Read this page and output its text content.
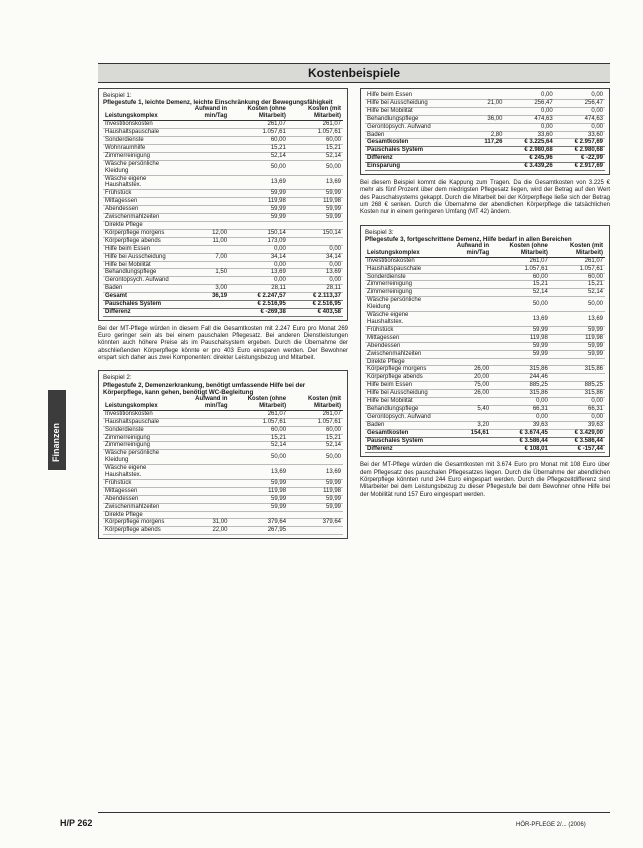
Kostenbeispiele
Beispiel 1:
Pflegestufe 1, leichte Demenz, leichte Einschränkung der Bewegungsfähigkeit
Leistungskomplex	Aufwand in min/Tag	Kosten (ohne Mitarbeit)	Kosten (mit Mitarbeit)
Investitionskosten		261,07	261,07
Haushaltspauschale		1.057,61	1.057,61
Sonderdienste		60,00	60,00
Wohnraumhilfe		15,21	15,21
Zimmerreinigung		52,14	52,14
Wäsche persönliche Kleidung		50,00	50,00
Wäsche eigene Haushaltstex.		13,69	13,69
Frühstück		59,99	59,99
Mittagessen		119,98	119,98
Abendessen		59,99	59,99
Zwischenmahlzeiten		59,99	59,99
Direkte Pflege			
Körperpflege morgens	12,00	150,14	150,14
Körperpflege abends	11,00	173,09	
Hilfe beim Essen		0,00	0,00
Hilfe bei Ausscheidung	7,00	34,14	34,14
Hilfe bei Mobilität		0,00	0,00
Behandlungspflege	1,50	13,69	13,69
Gerontopsych. Aufwand		0,00	0,00
Baden	3,00	28,11	28,11
Gesamt	36,19	€ 2.247,57	€ 2.113,37
Pauschales System		€ 2.516,95	€ 2.516,95
Differenz		€ -269,38	€ 403,58
Bei der MT-Pflege würden in diesem Fall die Gesamtkosten mit 2.247 Euro pro Monat 269 Euro geringer sein als bei einem pauschalen Pflegesatz. Bei anderen Dienstleistungen könnten auch höhere Preise als im Pauschalsystem ergeben. Durch die Übernahme der abschließenden Körperpflege könnte er pro 403 Euro einsparen werden. Der Bewohner erspart sich daher aus zwei Komponenten: direkter Leistungsbezug und Mitarbeit.
Beispiel 2:
Pflegestufe 2, Demenzerkrankung, benötigt umfassende Hilfe bei der Körperpflege, kann gehen, benötigt WC-Begleitung
Leistungskomplex	Aufwand in min/Tag	Kosten (ohne Mitarbeit)	Kosten (mit Mitarbeit)
Investitionskosten		261,07	261,07
Haushaltspauschale		1.057,61	1.057,61
Sonderdienste		60,00	60,00
Zimmerreinigung		15,21	15,21
Zimmerreinigung		52,14	52,14
Wäsche persönliche Kleidung		50,00	50,00
Wäsche eigene Haushaltstex.		13,69	13,69
Frühstück		59,99	59,99
Mittagessen		119,98	119,98
Abendessen		59,99	59,99
Zwischenmahlzeiten		59,99	59,99
Direkte Pflege			
Körperpflege morgens	31,00	379,64	379,64
Körperpflege abends	22,00	267,95	
Hilfe beim Essen		0,00	0,00
Hilfe bei Ausscheidung	21,00	256,47	256,47
Hilfe bei Mobilität		0,00	0,00
Behandlungspflege	36,00	474,63	474,63
Gerontopsych. Aufwand		0,00	0,00
Baden	2,80	33,60	33,60
Gesamtkosten	117,26	€ 3.225,64	€ 2.957,69
Pauschales System		€ 2.980,68	€ 2.980,68
Differenz		€ 245,96	€ -22,99
Einsparung		€ 3.439,26	€ 2.917,69
Bei diesem Beispiel kommt die Kappung zum Tragen. Da die Gesamtkosten von 3.225 € mehr als fünf Prozent über dem niedrigsten Pflegesatz liegen, wird der Betrag auf den Wert des Pauschalsystems gekappt. Durch die Mitarbeit bei der Körperpflege ließe sich der Betrag um 268 € senken. Durch die Übernahme der abendlichen Körperpflege die tatsächlichen Kosten nur in einem geringeren Umfang (MT 42) ändern.
Beispiel 3:
Pflegestufe 3, fortgeschrittene Demenz, Hilfe bedarf in allen Bereichen
Leistungskomplex	Aufwand in min/Tag	Kosten (ohne Mitarbeit)	Kosten (mit Mitarbeit)
Investitionskosten		261,07	261,07
Haushaltspauschale		1.057,61	1.057,61
Sonderdienste		60,00	60,00
Zimmerreinigung		15,21	15,21
Zimmerreinigung		52,14	52,14
Wäsche persönliche Kleidung		50,00	50,00
Wäsche eigene Haushaltstex.		13,69	13,69
Frühstück		59,99	59,99
Mittagessen		119,98	119,98
Abendessen		59,99	59,99
Zwischenmahlzeiten		59,99	59,99
Direkte Pflege			
Körperpflege morgens	26,00	315,86	315,86
Körperpflege abends	20,00	244,46	
Hilfe beim Essen	75,00	885,25	885,25
Hilfe bei Ausscheidung	26,00	315,86	315,86
Hilfe bei Mobilität		0,00	0,00
Behandlungspflege	5,40	66,31	66,31
Gerontopsych. Aufwand		0,00	0,00
Baden	3,20	39,63	39,63
Gesamtkosten	154,61	€ 3.674,45	€ 3.429,00
Pauschales System		€ 3.586,44	€ 3.586,44
Differenz		€ 108,01	€ -157,44
Bei der MT-Pflege würden die Gesamtkosten mit 3.674 Euro pro Monat mit 108 Euro über dem Pflegesatz des pauschalen Pflegesatzes liegen. Durch die Übernahme der abendlichen Körperpflege könnten rund 244 Euro eingespart werden. Durch die Pflegezeitdifferenz sind Mitarbeiter bei dem Leistungsbezug zu dieser Pflegestufe bei dem Bewohner ohne Hilfe bei der Mobilität rund 157 Euro eingespart werden.
Finanzen
H/P 262	HÖR-PFLEGE 2/... (2006)
